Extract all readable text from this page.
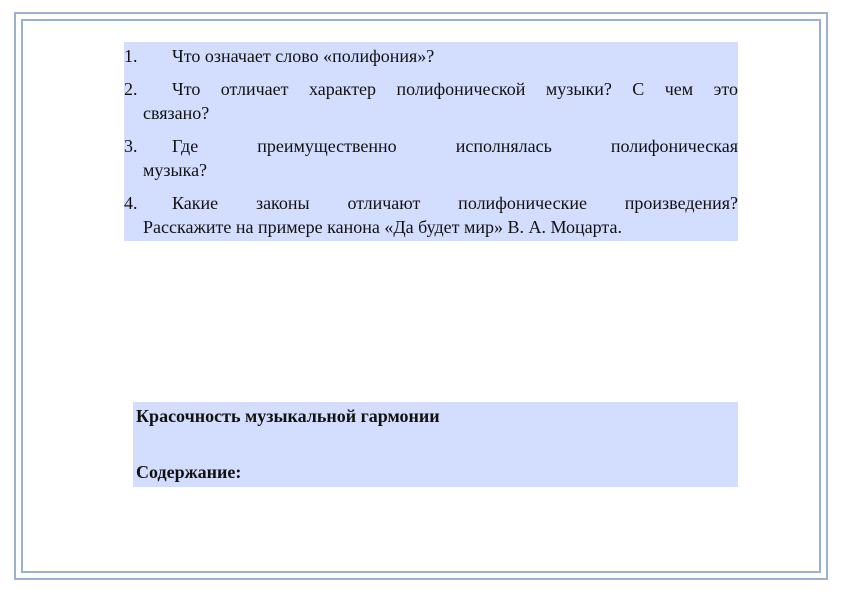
1.	Что означает слово «полифония»?
2.	Что отличает характер полифонической музыки? С чем это
связано?
3.	Где преимущественно исполнялась полифоническая
музыка?
4.	Какие законы отличают полифонические произведения?
Расскажите на примере канона «Да будет мир» В. А. Моцарта.
Красочность музыкальной гармонии
Содержание:
